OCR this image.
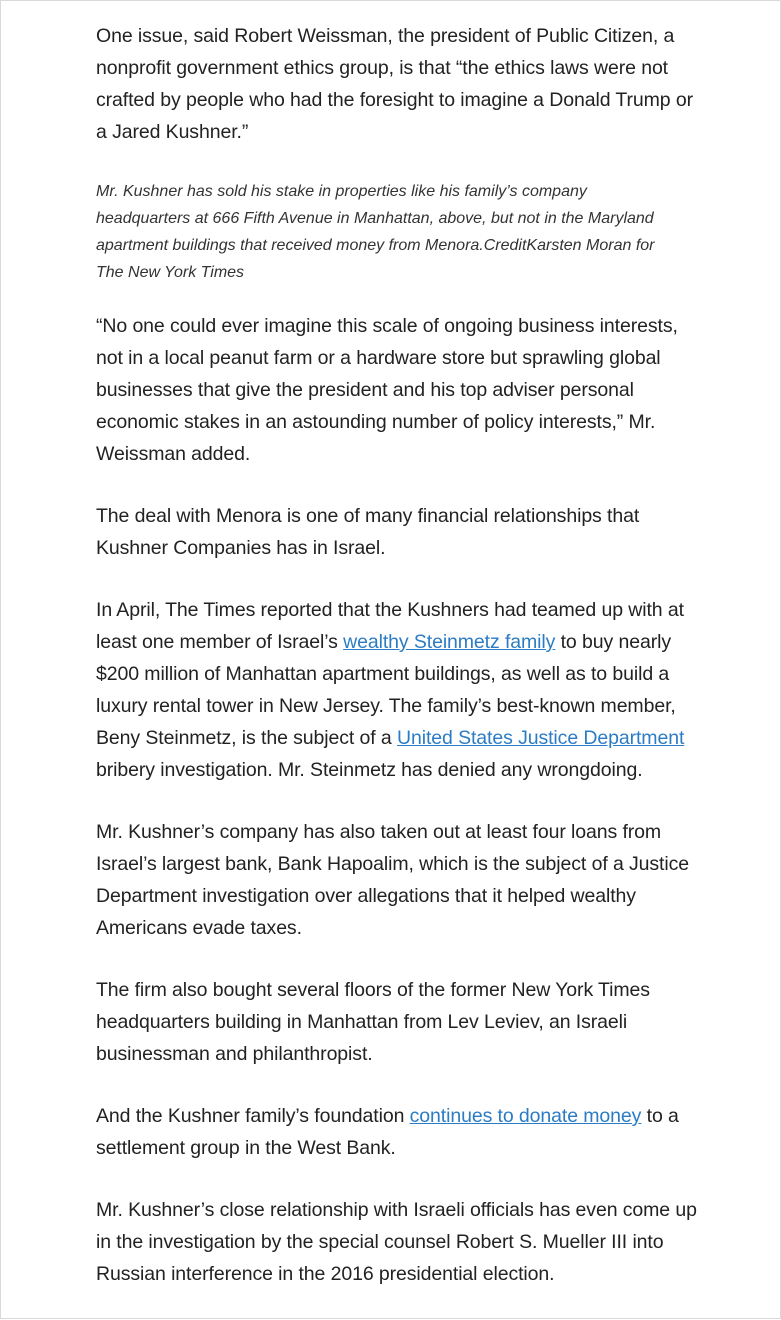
One issue, said Robert Weissman, the president of Public Citizen, a nonprofit government ethics group, is that “the ethics laws were not crafted by people who had the foresight to imagine a Donald Trump or a Jared Kushner.”

Mr. Kushner has sold his stake in properties like his family’s company headquarters at 666 Fifth Avenue in Manhattan, above, but not in the Maryland apartment buildings that received money from Menora.CreditKarsten Moran for The New York Times

“No one could ever imagine this scale of ongoing business interests, not in a local peanut farm or a hardware store but sprawling global businesses that give the president and his top adviser personal economic stakes in an astounding number of policy interests,” Mr. Weissman added.

The deal with Menora is one of many financial relationships that Kushner Companies has in Israel.

In April, The Times reported that the Kushners had teamed up with at least one member of Israel’s wealthy Steinmetz family to buy nearly $200 million of Manhattan apartment buildings, as well as to build a luxury rental tower in New Jersey. The family’s best-known member, Beny Steinmetz, is the subject of a United States Justice Department bribery investigation. Mr. Steinmetz has denied any wrongdoing.

Mr. Kushner’s company has also taken out at least four loans from Israel’s largest bank, Bank Hapoalim, which is the subject of a Justice Department investigation over allegations that it helped wealthy Americans evade taxes.

The firm also bought several floors of the former New York Times headquarters building in Manhattan from Lev Leviev, an Israeli businessman and philanthropist.

And the Kushner family’s foundation continues to donate money to a settlement group in the West Bank.

Mr. Kushner’s close relationship with Israeli officials has even come up in the investigation by the special counsel Robert S. Mueller III into Russian interference in the 2016 presidential election.
